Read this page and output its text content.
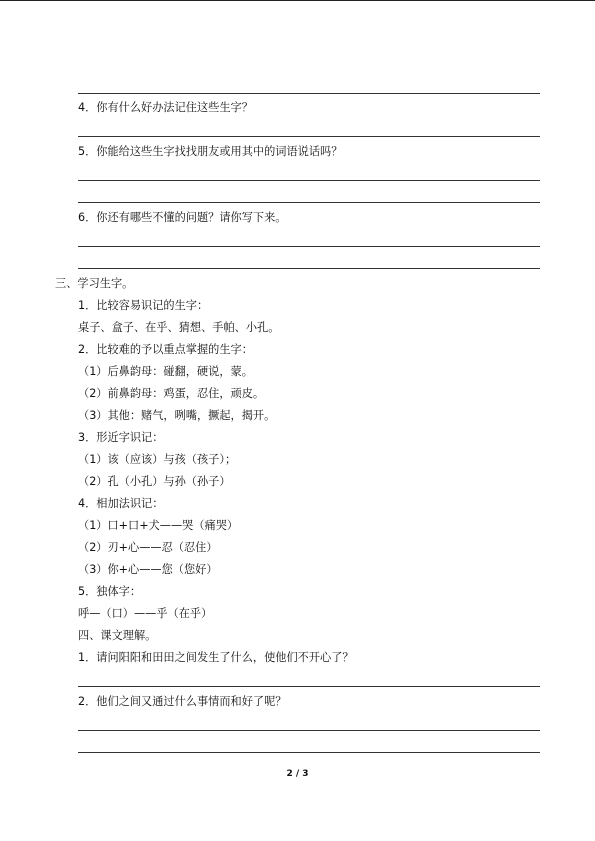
4．你有什么好办法记住这些生字？
5．你能给这些生字找找朋友或用其中的词语说话吗？
6．你还有哪些不懂的问题？请你写下来。
三、学习生字。
1．比较容易识记的生字：
桌子、盒子、在乎、猜想、手帕、小孔。
2．比较难的予以重点掌握的生字：
（1）后鼻韵母：碰翻，硬说，蒙。
（2）前鼻韵母：鸡蛋，忍住，顽皮。
（3）其他：赌气，咧嘴，撅起，揭开。
3．形近字识记：
（1）该（应该）与孩（孩子）；
（2）孔（小孔）与孙（孙子）
4．相加法识记：
（1）口+口+犬——哭（痛哭）
（2）刃+心——忍（忍住）
（3）你+心——您（您好）
5．独体字：
呼—（口）——乎（在乎）
四、课文理解。
1．请问阳阳和田田之间发生了什么，使他们不开心了？
2．他们之间又通过什么事情而和好了呢？
2 / 3
